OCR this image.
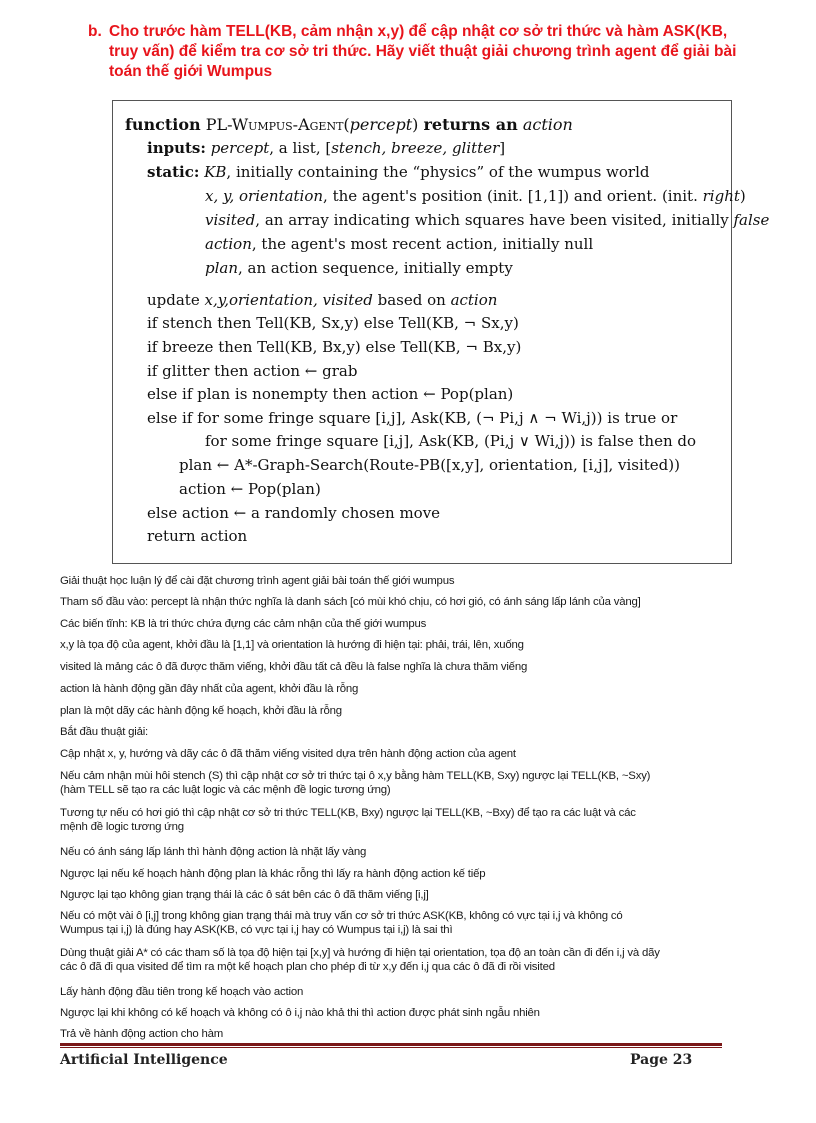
b. Cho trước hàm TELL(KB, cảm nhận x,y) để cập nhật cơ sở tri thức và hàm ASK(KB, truy vấn) để kiểm tra cơ sở tri thức. Hãy viết thuật giải chương trình agent để giải bài toán thế giới Wumpus
function PL-Wumpus-Agent(percept) returns an action
inputs: percept, a list, [stench, breeze, glitter]
static: KB, initially containing the “physics” of the wumpus world
x, y, orientation, the agent's position (init. [1,1]) and orient. (init. right)
visited, an array indicating which squares have been visited, initially false
action, the agent's most recent action, initially null
plan, an action sequence, initially empty
update x,y,orientation, visited based on action
if stench then Tell(KB, Sx,y) else Tell(KB, ¬ Sx,y)
if breeze then Tell(KB, Bx,y) else Tell(KB, ¬ Bx,y)
if glitter then action ← grab
else if plan is nonempty then action ← Pop(plan)
else if for some fringe square [i,j], Ask(KB, (¬ Pi,j ∧ ¬ Wi,j)) is true or
for some fringe square [i,j], Ask(KB, (Pi,j ∨ Wi,j)) is false then do
plan ← A*-Graph-Search(Route-PB([x,y], orientation, [i,j], visited))
action ← Pop(plan)
else action ← a randomly chosen move
return action
Giải thuật học luận lý để cài đặt chương trình agent giải bài toán thế giới wumpus
Tham số đầu vào: percept là nhận thức nghĩa là danh sách [có mùi khó chịu, có hơi gió, có ánh sáng lấp lánh của vàng]
Các biến tĩnh: KB là tri thức chứa đựng các cảm nhận của thế giới wumpus
x,y là tọa độ của agent, khởi đầu là [1,1] và orientation là hướng đi hiện tại: phải, trái, lên, xuống
visited là mảng các ô đã được thăm viếng, khởi đầu tất cả đều là false nghĩa là chưa thăm viếng
action là hành động gần đây nhất của agent, khởi đầu là rỗng
plan là một dãy các hành động kế hoạch, khởi đầu là rỗng
Bắt đầu thuật giải:
Cập nhật x, y, hướng và dãy các ô đã thăm viếng visited dựa trên hành động action của agent
Nếu cảm nhận mùi hôi stench (S) thì cập nhật cơ sở tri thức tại ô x,y bằng hàm TELL(KB, Sxy) ngược lại TELL(KB, ~Sxy)
(hàm TELL sẽ tạo ra các luật logic và các mệnh đề logic tương ứng)
Tương tự nếu có hơi gió thì cập nhật cơ sở tri thức TELL(KB, Bxy) ngược lại TELL(KB, ~Bxy) để tạo ra các luật và các
mệnh đề logic tương ứng
Nếu có ánh sáng lấp lánh thì hành động action là nhặt lấy vàng
Ngược lại nếu kế hoạch hành động plan là khác rỗng thì lấy ra hành động action kế tiếp
Ngược lại tạo không gian trạng thái là các ô sát bên các ô đã thăm viếng [i,j]
Nếu có một vài ô [i,j] trong không gian trạng thái mà truy vấn cơ sở tri thức ASK(KB, không có vực tại i,j và không có
Wumpus tại i,j) là đúng hay ASK(KB, có vực tại i,j hay có Wumpus tại i,j) là sai thì
Dùng thuật giải A* có các tham số là tọa độ hiện tại [x,y] và hướng đi hiện tại orientation, tọa độ an toàn cần đi đến i,j và dãy
các ô đã đi qua visited để tìm ra một kế hoạch plan cho phép đi từ x,y đến i,j qua các ô đã đi rồi visited
Lấy hành động đầu tiên trong kế hoạch vào action
Ngược lại khi không có kế hoạch và không có ô i,j nào khả thi thì action được phát sinh ngẫu nhiên
Trả về hành động action cho hàm
Artificial Intelligence	Page 23
